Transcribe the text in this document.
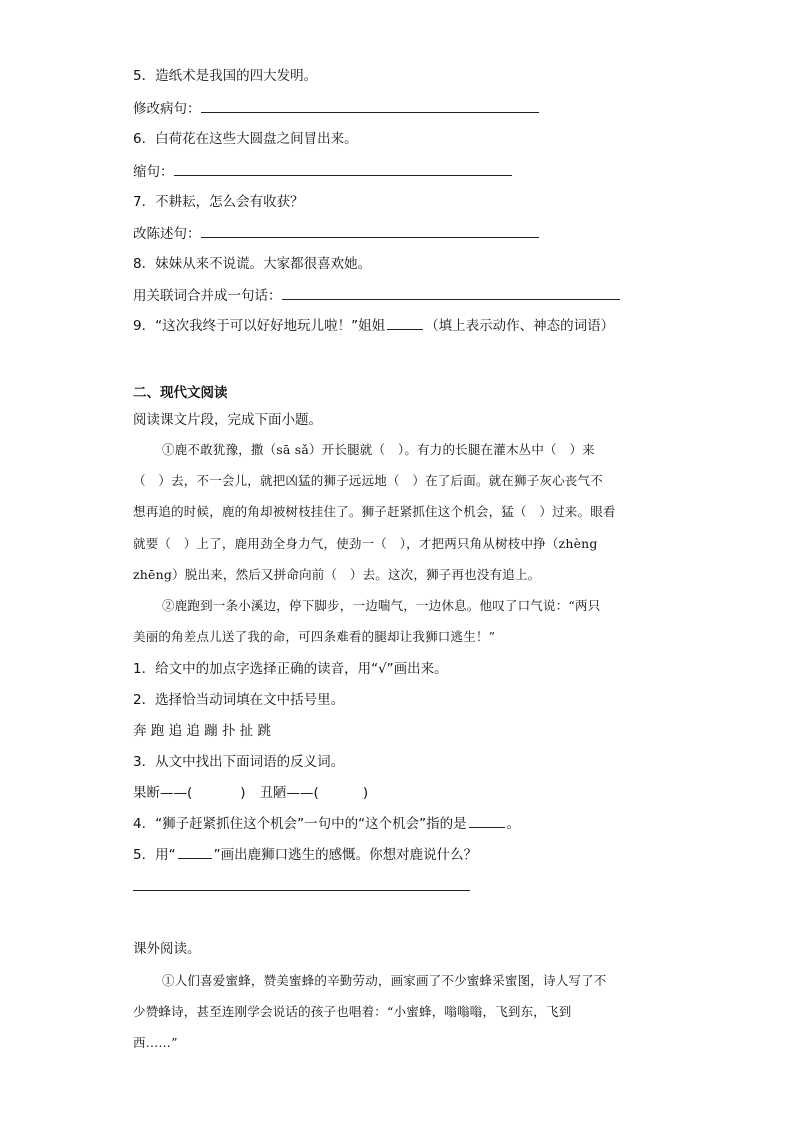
5．造纸术是我国的四大发明。
修改病句：
6．白荷花在这些大圆盘之间冒出来。
缩句：
7．不耕耘，怎么会有收获？
改陈述句：
8．妹妹从来不说谎。大家都很喜欢她。
用关联词合并成一句话：
9．“这次我终于可以好好地玩儿啦！”姐姐	（填上表示动作、神态的词语）
二、现代文阅读
阅读课文片段，完成下面小题。
①鹿不敢犹豫，撒（sā sǎ）开长腿就（　）。有力的长腿在灌木丛中（　）来
（　）去，不一会儿，就把凶猛的狮子远远地（　）在了后面。就在狮子灰心丧气不
想再追的时候，鹿的角却被树枝挂住了。狮子赶紧抓住这个机会，猛（　）过来。眼看
就要（　）上了，鹿用劲全身力气，使劲一（　），才把两只角从树枝中挣（zhèng
zhēng）脱出来，然后又拼命向前（　）去。这次，狮子再也没有追上。
②鹿跑到一条小溪边，停下脚步，一边喘气，一边休息。他叹了口气说：“两只
美丽的角差点儿送了我的命，可四条难看的腿却让我狮口逃生！”
1．给文中的加点字选择正确的读音，用“√”画出来。
2．选择恰当动词填在文中括号里。
奔 跑 追 追 蹦 扑 扯 跳
3．从文中找出下面词语的反义词。
果断——(	) 丑陋——(	)
4．“狮子赶紧抓住这个机会”一句中的“这个机会”指的是	。
5．用“	”画出鹿狮口逃生的感慨。你想对鹿说什么？
课外阅读。
①人们喜爱蜜蜂，赞美蜜蜂的辛勤劳动，画家画了不少蜜蜂采蜜图，诗人写了不
少赞蜂诗，甚至连刚学会说话的孩子也唱着：“小蜜蜂，嗡嗡嗡，飞到东，飞到
西……”
